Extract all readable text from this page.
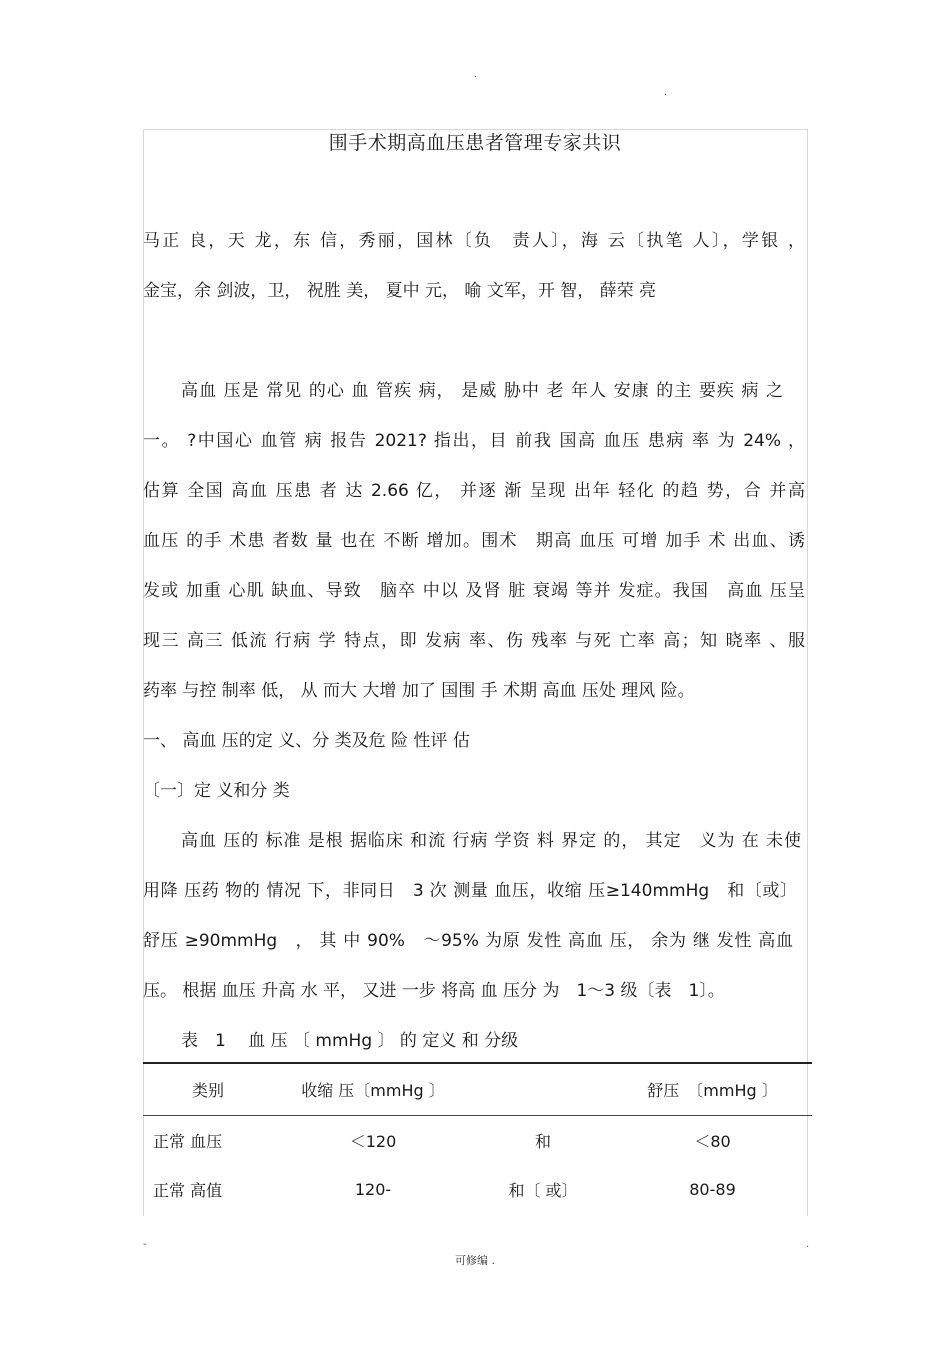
.
.
围手术期高血压患者管理专家共识
马正 良，天 龙，东 信，秀丽，国林〔负　责人〕，海 云〔执笔 人〕，学银 ，
金宝，余 剑波，卫， 祝胜 美， 夏中 元， 喻 文军，开 智， 薛荣 亮
高血 压是 常见 的心 血 管疾 病， 是威 胁中 老 年人 安康 的主 要疾 病 之
一。 ?中国心 血管 病 报告 2021? 指出，目 前我 国高 血压 患病 率 为 24% ，
估算 全国 高血 压患 者 达 2.66 亿， 并逐 渐 呈现 出年 轻化 的趋 势，合 并高
血压 的手 术患 者数 量 也在 不断 增加。围术　期高 血压 可增 加手 术 出血、诱
发或 加重 心肌 缺血、导致　脑卒 中以 及肾 脏 衰竭 等并 发症。我国　高血 压呈
现三 高三 低流 行病 学 特点，即 发病 率、伤 残率 与死 亡率 高；知 晓率 、服
药率 与控 制率 低， 从 而大 大增 加了 国围 手 术期 高血 压处 理风 险。
一、 高血 压的定 义、分 类及危 险 性评 估
〔一〕定 义和分 类
高血 压的 标准 是根 据临床 和流 行病 学资 料 界定 的， 其定　义为 在 未使
用降 压药 物的 情况 下，非同日　3 次 测量 血压，收缩 压≥140mmHg　和〔或〕
舒压 ≥90mmHg　， 其 中 90%　～95% 为原 发性 高血 压， 余为 继 发性 高血
压。 根据 血压 升高 水 平， 又进 一步 将高 血 压分 为　1～3 级〔表　1〕。
表　1　 血 压 〔 mmHg 〕 的 定义 和 分级
类别	收缩 压〔mmHg 〕		舒压　〔mmHg 〕
正常 血压	＜120	和	＜80
正常 高值	120-	和〔 或〕	80-89
-
可修编 .
.
